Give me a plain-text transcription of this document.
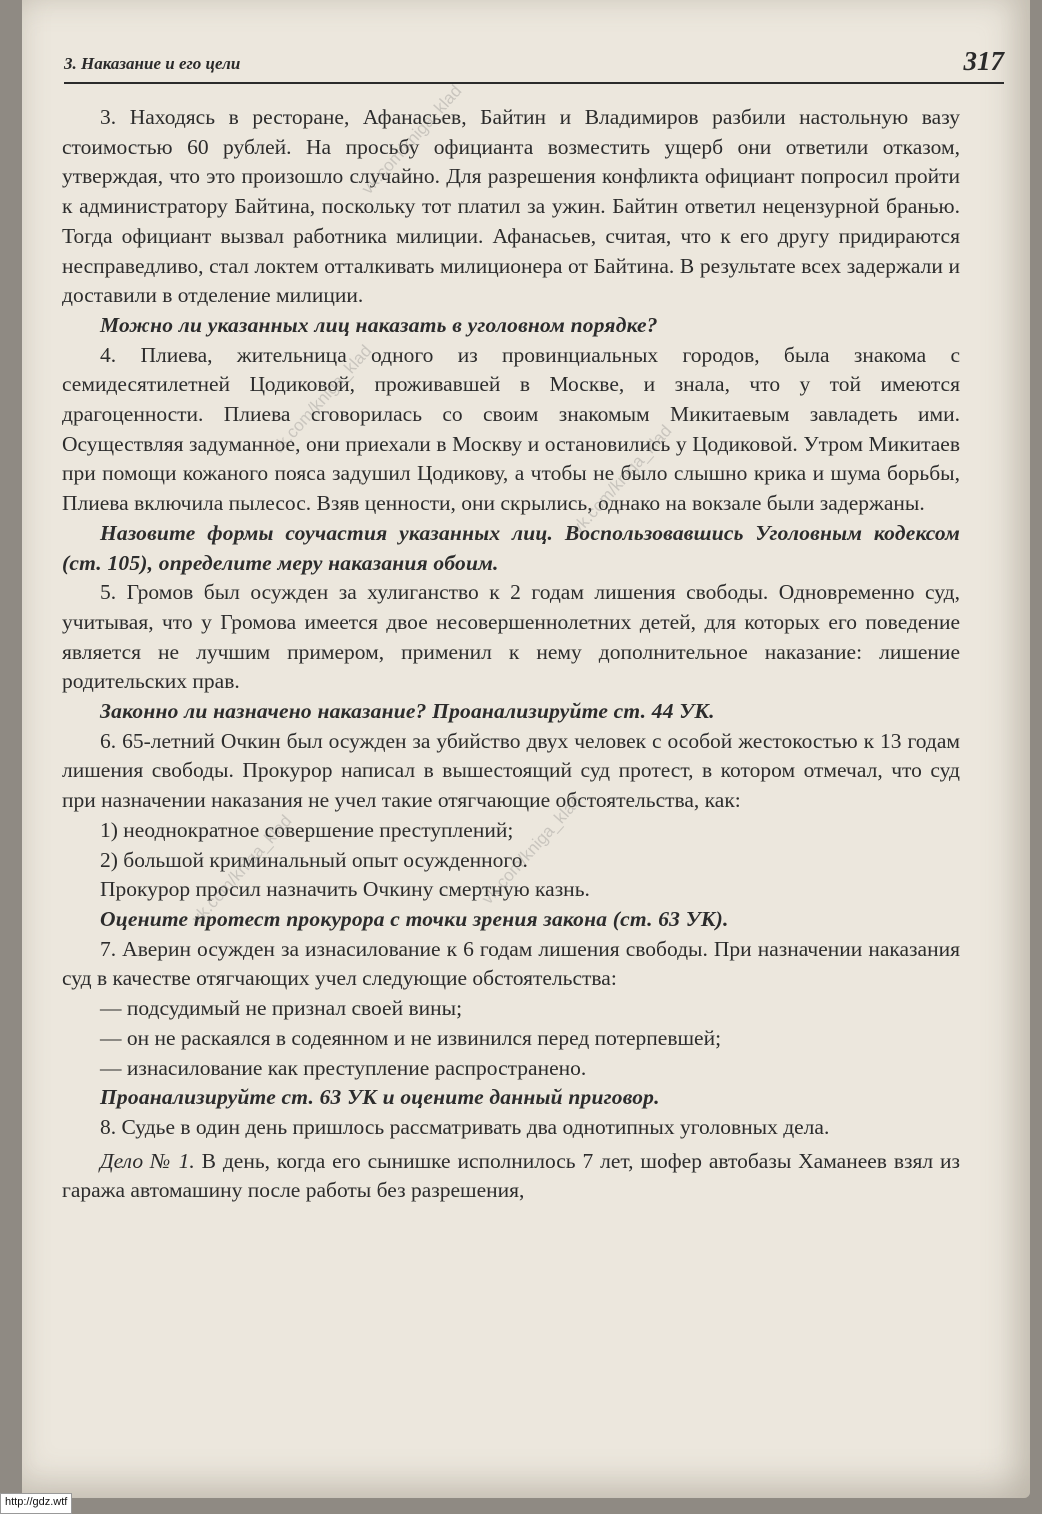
3. Наказание и его цели	317
3. Находясь в ресторане, Афанасьев, Байтин и Владимиров разбили настольную вазу стоимостью 60 рублей. На просьбу официанта возместить ущерб они ответили отказом, утверждая, что это произошло случайно. Для разрешения конфликта официант попросил пройти к администратору Байтина, поскольку тот платил за ужин. Байтин ответил нецензурной бранью. Тогда официант вызвал работника милиции. Афанасьев, считая, что к его другу придираются несправедливо, стал локтем отталкивать милиционера от Байтина. В результате всех задержали и доставили в отделение милиции.
Можно ли указанных лиц наказать в уголовном порядке?
4. Плиева, жительница одного из провинциальных городов, была знакома с семидесятилетней Цодиковой, проживавшей в Москве, и знала, что у той имеются драгоценности. Плиева сговорилась со своим знакомым Микитаевым завладеть ими. Осуществляя задуманное, они приехали в Москву и остановились у Цодиковой. Утром Микитаев при помощи кожаного пояса задушил Цодикову, а чтобы не было слышно крика и шума борьбы, Плиева включила пылесос. Взяв ценности, они скрылись, однако на вокзале были задержаны.
Назовите формы соучастия указанных лиц. Воспользовавшись Уголовным кодексом (ст. 105), определите меру наказания обоим.
5. Громов был осужден за хулиганство к 2 годам лишения свободы. Одновременно суд, учитывая, что у Громова имеется двое несовершеннолетних детей, для которых его поведение является не лучшим примером, применил к нему дополнительное наказание: лишение родительских прав.
Законно ли назначено наказание? Проанализируйте ст. 44 УК.
6. 65-летний Очкин был осужден за убийство двух человек с особой жестокостью к 13 годам лишения свободы. Прокурор написал в вышестоящий суд протест, в котором отмечал, что суд при назначении наказания не учел такие отягчающие обстоятельства, как:
1) неоднократное совершение преступлений;
2) большой криминальный опыт осужденного.
Прокурор просил назначить Очкину смертную казнь.
Оцените протест прокурора с точки зрения закона (ст. 63 УК).
7. Аверин осужден за изнасилование к 6 годам лишения свободы. При назначении наказания суд в качестве отягчающих учел следующие обстоятельства:
— подсудимый не признал своей вины;
— он не раскаялся в содеянном и не извинился перед потерпевшей;
— изнасилование как преступление распространено.
Проанализируйте ст. 63 УК и оцените данный приговор.
8. Судье в один день пришлось рассматривать два однотипных уголовных дела.
Дело № 1. В день, когда его сынишке исполнилось 7 лет, шофер автобазы Хаманеев взял из гаража автомашину после работы без разрешения,
vk.com/kniga_klad
vk.com/kniga_klad
vk.com/kniga_klad
vk.com/kniga_klad	vk.com/kniga_klad
http://gdz.wtf
